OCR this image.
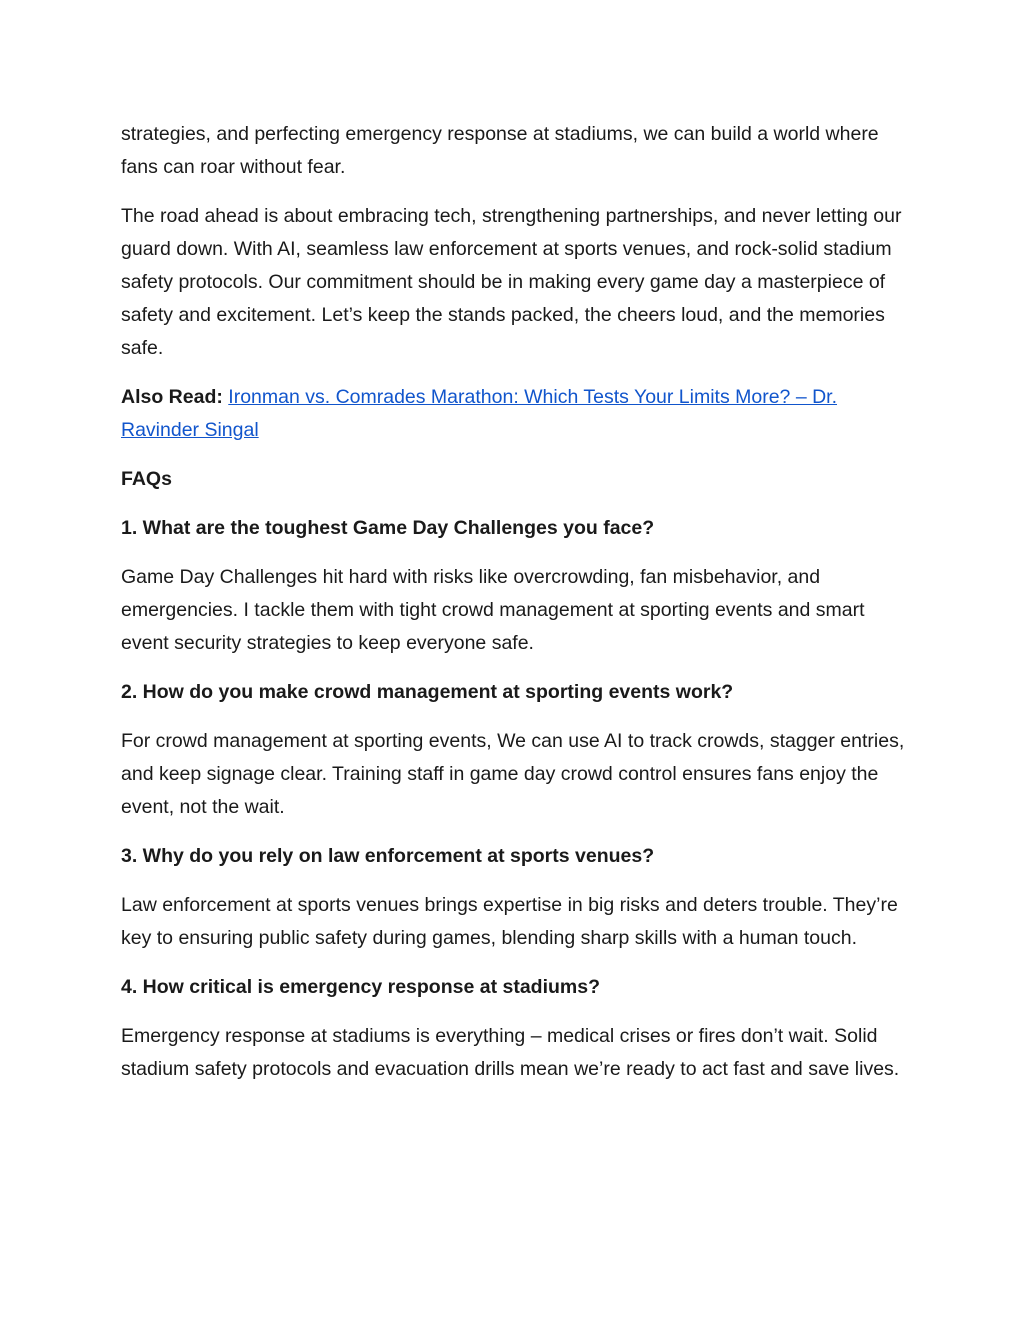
strategies, and perfecting emergency response at stadiums, we can build a world where fans can roar without fear.

The road ahead is about embracing tech, strengthening partnerships, and never letting our guard down. With AI, seamless law enforcement at sports venues, and rock-solid stadium safety protocols. Our commitment should be in making every game day a masterpiece of safety and excitement. Let’s keep the stands packed, the cheers loud, and the memories safe.

Also Read: Ironman vs. Comrades Marathon: Which Tests Your Limits More? – Dr. Ravinder Singal

FAQs

1. What are the toughest Game Day Challenges you face?

Game Day Challenges hit hard with risks like overcrowding, fan misbehavior, and emergencies. I tackle them with tight crowd management at sporting events and smart event security strategies to keep everyone safe.

2. How do you make crowd management at sporting events work?

For crowd management at sporting events, We can use AI to track crowds, stagger entries, and keep signage clear. Training staff in game day crowd control ensures fans enjoy the event, not the wait.

3. Why do you rely on law enforcement at sports venues?

Law enforcement at sports venues brings expertise in big risks and deters trouble. They’re key to ensuring public safety during games, blending sharp skills with a human touch.

4. How critical is emergency response at stadiums?

Emergency response at stadiums is everything – medical crises or fires don’t wait. Solid stadium safety protocols and evacuation drills mean we’re ready to act fast and save lives.
